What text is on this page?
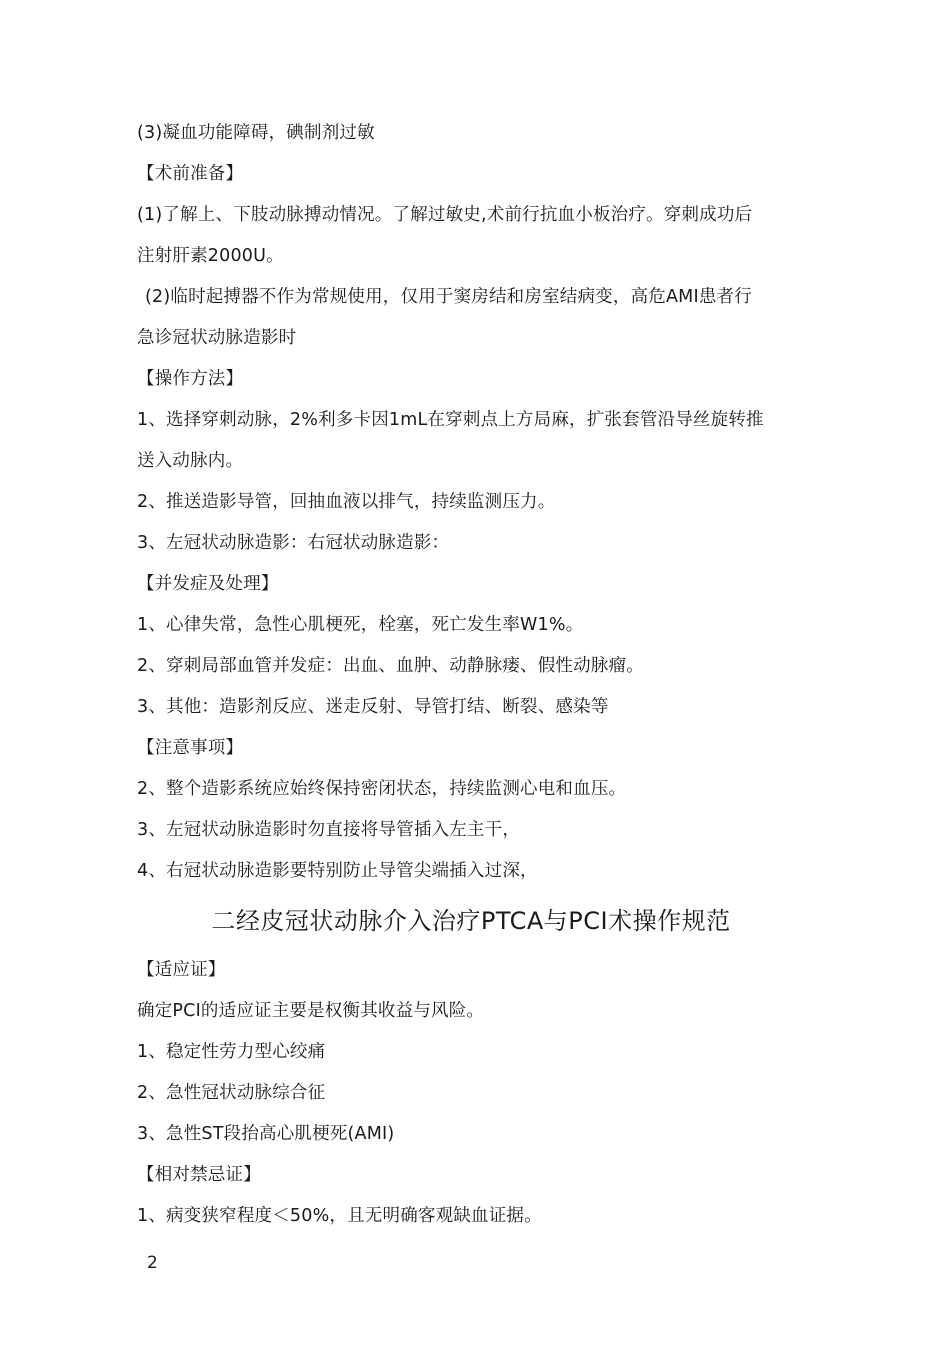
(3)凝血功能障碍，碘制剂过敏
【术前准备】
(1)了解上、下肢动脉搏动情况。了解过敏史,术前行抗血小板治疗。穿刺成功后
注射肝素2000U。
(2)临时起搏器不作为常规使用，仅用于窦房结和房室结病变，高危AMI患者行
急诊冠状动脉造影时
【操作方法】
1、选择穿刺动脉，2%利多卡因1mL在穿刺点上方局麻，扩张套管沿导丝旋转推
送入动脉内。
2、推送造影导管，回抽血液以排气，持续监测压力。
3、左冠状动脉造影：右冠状动脉造影：
【并发症及处理】
1、心律失常，急性心肌梗死，栓塞，死亡发生率W1%。
2、穿刺局部血管并发症：出血、血肿、动静脉瘘、假性动脉瘤。
3、其他：造影剂反应、迷走反射、导管打结、断裂、感染等
【注意事项】
2、整个造影系统应始终保持密闭状态，持续监测心电和血压。
3、左冠状动脉造影时勿直接将导管插入左主干，
4、右冠状动脉造影要特别防止导管尖端插入过深，
二经皮冠状动脉介入治疗PTCA与PCI术操作规范
【适应证】
确定PCI的适应证主要是权衡其收益与风险。
1、稳定性劳力型心绞痛
2、急性冠状动脉综合征
3、急性ST段抬高心肌梗死(AMI)
【相对禁忌证】
1、病变狭窄程度＜50%，且无明确客观缺血证据。
2
